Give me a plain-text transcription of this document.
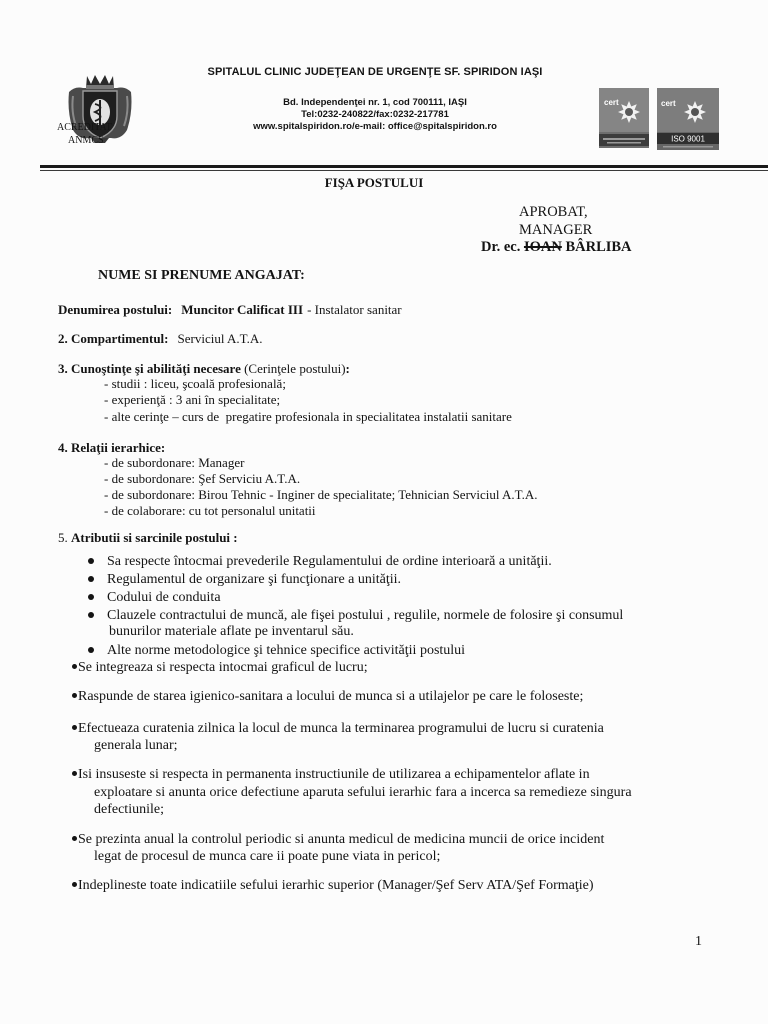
ACREDITAT
ANMCS
SPITALUL CLINIC JUDEŢEAN DE URGENŢE SF. SPIRIDON IAŞI
Bd. Independenţei nr. 1, cod 700111, IAŞI
Tel:0232-240822/fax:0232-217781
www.spitalspiridon.ro/e-mail: office@spitalspiridon.ro

cert

	cert
ISO 9001

FIŞA POSTULUI
APROBAT,
MANAGER
Dr. ec. IOAN BÂRLIBA
NUME SI PRENUME ANGAJAT:
Denumirea postului: Muncitor Calificat III - Instalator sanitar
2. Compartimentul: Serviciul A.T.A.
3. Cunoştinţe şi abilităţi necesare (Cerinţele postului):
- studii : liceu, şcoală profesională;
- experienţă : 3 ani în specialitate;
- alte cerinţe – curs de  pregatire profesionala in specialitatea instalatii sanitare
4. Relaţii ierarhice:
- de subordonare: Manager
- de subordonare: Şef Serviciu A.T.A.
- de subordonare: Birou Tehnic - Inginer de specialitate; Tehnician Serviciul A.T.A.
- de colaborare: cu tot personalul unitatii
5. Atributii si sarcinile postului :
Sa respecte întocmai prevederile Regulamentului de ordine interioară a unităţii.
Regulamentul de organizare şi funcţionare a unităţii.
Codului de conduita
Clauzele contractului de muncă, ale fişei postului , regulile, normele de folosire şi consumul
bunurilor materiale aflate pe inventarul său.
Alte norme metodologice şi tehnice specifice activităţii postului
Se integreaza si respecta intocmai graficul de lucru;
Raspunde de starea igienico-sanitara a locului de munca si a utilajelor pe care le foloseste;
Efectueaza curatenia zilnica la locul de munca la terminarea programului de lucru si curatenia
generala lunar;
Isi insuseste si respecta in permanenta instructiunile de utilizarea a echipamentelor aflate in
exploatare si anunta orice defectiune aparuta sefului ierarhic fara a incerca sa remedieze singura
defectiunile;
Se prezinta anual la controlul periodic si anunta medicul de medicina muncii de orice incident
legat de procesul de munca care ii poate pune viata in pericol;
Indeplineste toate indicatiile sefului ierarhic superior (Manager/Şef Serv ATA/Şef Formaţie)
1
